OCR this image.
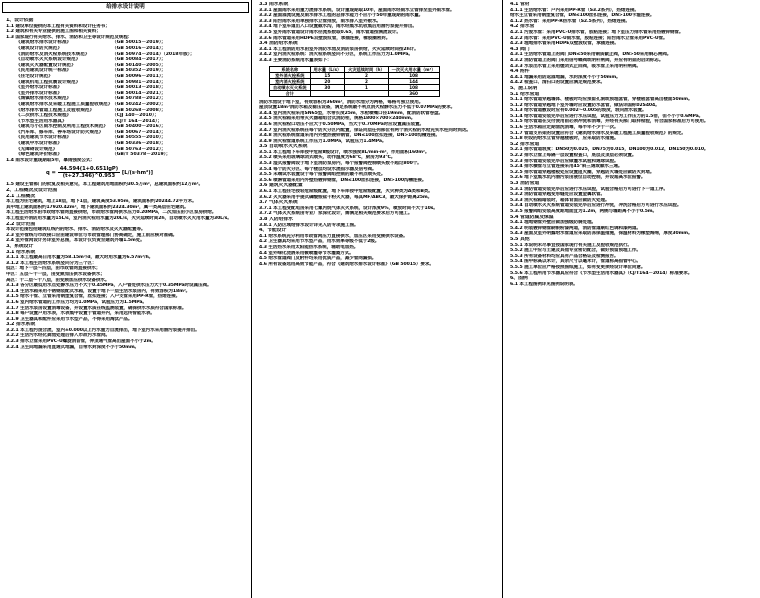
给排水设计说明
1、设计依据
1.1 建设单位提供的本工程有关资料和设计任务书；
1.2 建筑和有关专业提供的施工图和相关资料；
1.3 国家现行有关给水、排水、消防和卫生等设计规范及规程：
《建筑给水排水设计标准》	（GB 50015－2019）；
《建筑设计防火规范》	（GB 50016－2014）；
《消防给水及消火栓系统技术规范》	（GB 50974－2014）（2018年版）；
《自动喷水灭火系统设计规范》	（GB 50084－2017）；
《建筑灭火器配置设计规范》	（GB 50140－2005）；
《民用建筑设计统一标准》	（GB 50352－2019）；
《住宅设计规范》	（GB 50096－2011）；
《建筑机电工程抗震设计规范》	（GB 50981－2014）；
《室外给水设计标准》	（GB 50013－2018）；
《室外排水设计标准》	（GB 50014－2021）；
《城镇给水排水技术规范》	（GB 50788－2012）；
《建筑给水排水及采暖工程施工质量验收规范》 （GB 50242－2002）；
《给水排水管道工程施工及验收规范》	（GB 50268－2008）；
《二次供水工程技术规程》	（CJJ 140－2010）；
《节水型生活用水器具》	（CJ/T 164－2014）；
《建筑与小区雨水控制及利用工程技术规范》 （GB 50400－2016）；
《汽车库、修车库、停车场设计防火规范》	（GB 50067－2014）；
《民用建筑节水设计标准》	（GB 50555－2010）；
《建筑中水设计标准》	（GB 50336－2018）；
《无障碍设计规范》	（GB 50763－2012）；
《绿色建筑评价标准》	（GB/T 50378－2019）；
1.4 雨水设计重现期取5年，暴雨强度公式：
$q = \frac{44.594(1+0.651\lg P)}{(t+27.346)\^{}0.953} [L/(s\cdot hm^2)]$
1.5 建设主管部门的批复及相关意见，本工程建筑用地面积约30.5万m²，总建筑面积约12万m²。
2、工程概况及设计范围
2.1 工程概况
本工程为住宅建筑，地上18层，地下1层，建筑高度53.95m，建筑面积约20244.72平方米。
其中地上建筑面积约17920.42m²，地下建筑面积约2324.30m²，属一类高层住宅建筑。
本工程生活给水由市政给水管网直接供给，市政给水管网供水压力0.20MPa，二次加压由小区泵房供给。
本工程室外消防用水量为15L/s，室内消火栓用水量为20L/s，火灾延续时间2h，自动喷水灭火用水量为30L/s。
2.2 设计范围
本设计范围包括建筑红线内的给水、排水、消防给水及灭火器配置等。
2.3 室外管线与市政接口应由建设单位与市政管理部门协商确定，施工前应核对准确。
2.4 室外管网设计另详室外总图，本设计仅负责至建筑外墙1.5m处。
3、系统设计
3.1 给水系统
3.1.1 本工程最高日用水量为58.15m³/d，最大时用水量为6.57m³/h。
3.1.2 本工程生活给水系统竖向分为三个区：
低区：地下一层～四层，由市政管网直接供水；
中区：五层～十一层，由变频加压供水设备供水；
高区：十二层～十八层，由变频加压供水设备供水。
3.1.3 各分区最低用水点处静水压力不大于0.45MPa，入户管处供水压力大于0.35MPa时设减压阀。
3.1.4 生活水箱采用不锈钢装配式水箱，设置于地下一层生活水泵房内，有效容积为18m³。
3.1.5 给水干管、立管采用钢塑复合管，丝扣连接；入户支管采用PP-R管，热熔连接。
3.1.6 室内给水管道的工作压力均为1.0MPa，试验压力为1.5MPa。
3.1.7 生活水泵房设置消毒设备，并设置水质在线监测装置，确保供水水质符合国家标准。
3.1.8 每户设置户用水表，水表集中设置于管道井内，采用远传智能水表。
3.1.9 卫生器具和配件应采用节水型产品，不得采用淘汰产品。
3.2 排水系统
3.2.1 本工程污废合流，室内±0.000以上污水重力自流排出，地下室污水采用潜污泵提升排出。
3.2.2 生活污水经化粪池处理后排入市政污水管网。
3.2.3 排水立管采用PVC-U螺旋消音管，伸顶通气管高出屋面不小于2m。
3.2.4 卫生间地漏采用直通式地漏，自带水封深度不小于50mm。
3.3 雨水系统
3.3.1 屋面雨水采用重力流排水系统，设计重现期取10年，屋面雨水经雨水立管排至室外雨水管。
3.3.2 屋面溢流设施及雨水排水工程的总排水能力不应小于50年重现期的雨水量。
3.3.3 阳台雨水采用单独排水立管排放，雨水排入室外散水。
3.3.4 地下室车道出入口设置截水沟，雨水经集水坑收集后用潜污泵提升排出。
3.3.5 室外雨水管道设计雨水径流系数取0.65，雨水管道按满流设计。
3.3.6 雨水管道采用HDPE双壁波纹管，承插连接，橡胶圈密封。
3.4 消防给水系统
3.4.1 本工程消防用水由室外消防水池及消防泵房供给，火灾延续时间按2h计。
3.4.2 室内消火栓系统：消火栓系统竖向不分区，系统工作压力为1.0MPa。
3.4.3 主要消防系统用水量表如下：
系统名称	用水量（L/s）	火灾延续时间（h）	一次灭火用水量（m³）
室外消火栓系统	15	2	108
室内消火栓系统	20	2	144
自动喷水灭火系统	30	1	108
合计			360
消防水池设于地下室，有效容积为360m³，消防水池分为两格，每格可独立使用。
屋顶设置18m³消防水箱及稳压设备，满足系统最不利点消火栓静水压力不低于0.07MPa的要求。
3.4.4 室内消火栓采用SN65型，水带长度25m，水枪喷嘴口径19mm，配消防软管卷盘。
3.4.5 消火栓箱采用带灭火器箱组合式消防柜，规格1800×700×240mm。
3.4.6 消火栓栓口动压不应大于0.50MPa，当大于0.70MPa时应设置减压装置。
3.4.7 室内消火栓系统在每个防火分区内配置，保证同层任何部位有两个消火栓的水枪充实水柱同时到达。
3.4.8 消火栓系统管道采用内外壁热镀锌钢管，DN≤100丝扣连接，DN>100沟槽连接。
3.4.9 消火栓管道系统工作压力1.0MPa，试验压力1.4MPa。
3.5 自动喷水灭火系统
3.5.1 本工程地下车库按中危险Ⅱ级设计，喷水强度8L/min·m²，作用面积160m²。
3.5.2 喷头采用玻璃球闭式喷头，动作温度为68℃，厨房为93℃。
3.5.3 湿式报警阀设于地下室消防泵房内，每个报警阀控制喷头数不超过800个。
3.5.4 每个防火分区、每个楼层均设水流指示器及信号阀。
3.5.5 末端试水装置设于每个报警阀组控制的最不利点喷头处。
3.5.6 喷淋管道采用内外壁热镀锌钢管，DN≤100丝扣连接，DN>100沟槽连接。
3.6 建筑灭火器配置
3.6.1 本工程住宅按轻危险级配置，地下车库按中危险级配置，火灾种类为A类和B类。
3.6.2 灭火器采用手提式磷酸铵盐干粉灭火器，每具MF/ABC3，最大保护距离25m。
3.7 气体灭火系统
3.7.1 本工程变配电房采用七氟丙烷气体灭火系统，设计浓度9%，喷放时间不大于10s。
3.7.2 气体灭火系统由专业厂家深化设计，需满足相关规范要求后方可施工。
3.8 人防给排水
3.8.1 人防区域给排水设计详见人防专项施工图。
4、节能设计
4.1 给水系统充分利用市政管网压力直接供水，加压区采用变频供水设备。
4.2 卫生器具均采用节水型产品，用水效率等级不低于2级。
4.3 生活热水采用太阳能热水系统，辅助电加热。
4.4 室外绿化浇洒采用微喷灌等节水灌溉方式。
4.5 给水管道阀门及附件均采用优质产品，减少管网漏损。
4.6 所有设备选用高效节能产品，符合《建筑给水排水设计标准》（GB 50015）要求。
4.1 管材
4.1.1 生活给水管：户内采用PP-R管（S3.2系列），热熔连接。
给水主立管采用钢塑复合管，DN≤100丝扣连接，DN>100卡箍连接。
4.1.2 热水管：采用PP-R热水管（S2.5系列），热熔连接。
4.2 排水管
4.2.1 污废水管：采用PVC-U排水管，胶粘连接；地下室压力排水管采用热镀锌钢管。
4.2.2 雨水管：采用PVC-U雨水管，胶粘连接；阳台雨水立管采用PVC-U管。
4.2.3 埋地排水管采用HDPE双壁波纹管，承插连接。
4.3 阀门
4.3.1 生活给水管道上的阀门DN≤50采用铜质截止阀，DN>50采用铜芯闸阀。
4.3.2 消防管道上的阀门采用信号蝶阀或明杆闸阀，并应有明显的启闭标志。
4.3.3 水泵出水管上采用缓闭式止回阀，吸水管上采用明杆闸阀。
4.4 附件
4.4.1 地漏采用防返溢地漏，水封深度不小于50mm。
4.4.2 检查口、清扫口的设置应满足规范要求。
5、施工说明
5.1 给水管道
5.1.1 给水管道穿越墙体、楼板时均应预留孔洞或预埋套管，穿楼板套管高出楼面50mm。
5.1.2 给水管道穿越地下室外墙时应设置防水套管，做法详国标02S404。
5.1.3 给水管道敷设时应有0.002～0.005的坡度，坡向泄水装置。
5.1.4 给水管道安装完毕后应进行水压试验，试验压力为工作压力的1.5倍，但不小于0.6MPa。
5.1.5 给水管道在交付使用前必须冲洗和消毒，并经有关部门取样检验，符合国家标准后方可使用。
5.1.6 生活水箱应定期清洗消毒，每半年不少于一次。
5.1.7 管道支吊架的设置应符合《建筑给水排水及采暖工程施工质量验收规范》的规定。
5.1.8 明设的给水立管穿越楼板时，应采取防水措施。
5.2 排水管道
5.2.1 排水管道坡度：DN50为0.025，DN75为0.015，DN100为0.012，DN150为0.010。
5.2.2 排水立管上每隔一层设置检查口，底层及顶层必须设置。
5.2.3 排水管道安装完毕后应做灌水试验和通球试验。
5.2.4 排水横管与立管连接采用45°斜三通或顺水三通。
5.2.5 排水管道穿越楼板处应设置阻火圈，穿越防火墙处应做防火封堵。
5.2.6 地下室集水坑内潜污泵由液位自动控制，并设超高水位报警。
5.3 消防管道
5.3.1 消防管道安装完毕后应进行水压试验，试验合格后方可进行下一道工序。
5.3.2 消防管道穿越变形缝处应设置金属软管。
5.3.3 消火栓箱暗装时，箱体背面应做防火处理。
5.3.4 自动喷水灭火系统管道安装完毕后应进行冲洗，冲洗合格后方可进行水压试验。
5.3.5 报警阀组安装高度距地面宜为1.2m，两侧与墙距离不小于0.5m。
5.4 管道防腐及保温
5.4.1 埋地钢管外壁应做加强级防腐处理。
5.4.2 明装镀锌钢管刷银粉漆两道，消防管道刷红色调和漆两道。
5.4.3 屋面及室外明露给水管道应采取防冻保温措施，保温材料为橡塑海绵，厚度30mm。
5.5 其他
5.5.1 本说明未尽事宜按国家现行有关施工及验收规范执行。
5.5.2 施工中应与土建及其他专业密切配合，做好预留预埋工作。
5.5.3 所有设备材料均应具有产品合格证及检测报告。
5.5.4 图中标高以米计，其余尺寸以毫米计，管道标高指管中心。
5.5.5 施工单位应严格按照图纸施工，如有变更须经设计单位同意。
5.5.6 本工程所用节水器具应符合《节水型生活用水器具》（CJ/T164－2014）标准要求。
6、图例
6.1 本工程图例详见图例说明表。
